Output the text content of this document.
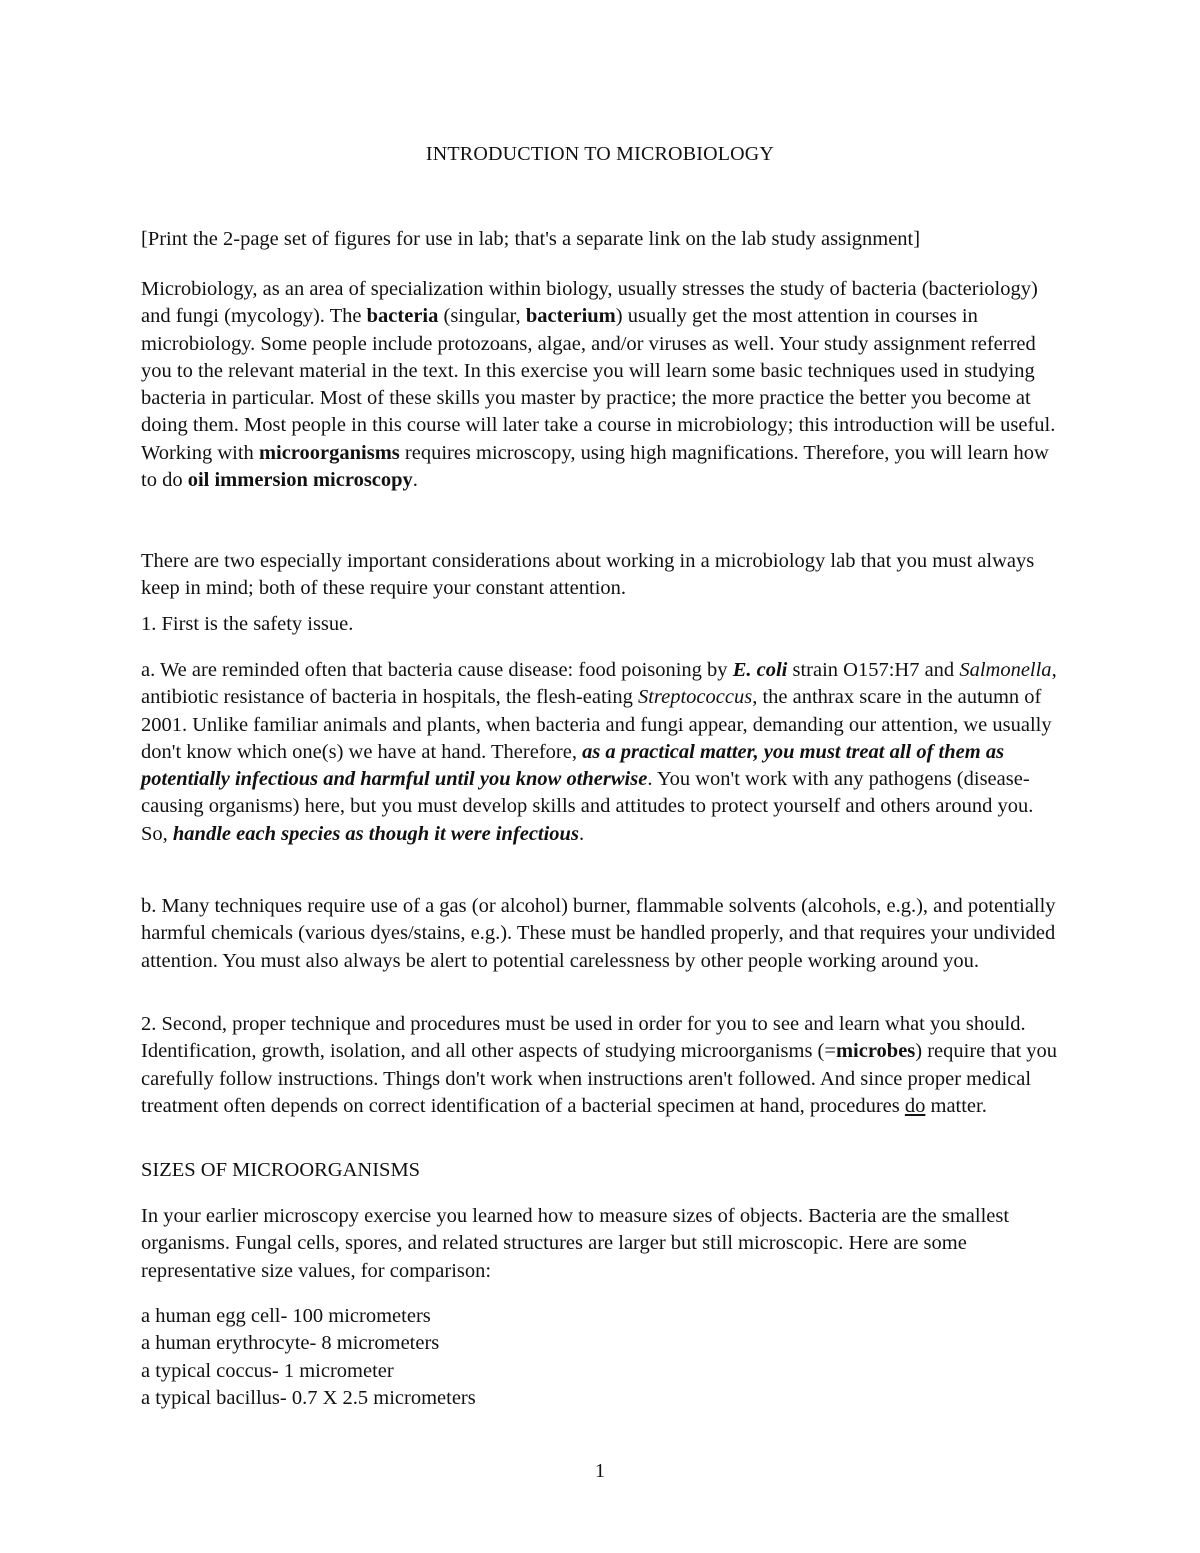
INTRODUCTION TO MICROBIOLOGY

[Print the 2-page set of figures for use in lab; that's a separate link on the lab study assignment]

Microbiology, as an area of specialization within biology, usually stresses the study of bacteria (bacteriology) and fungi (mycology). The bacteria (singular, bacterium) usually get the most attention in courses in microbiology. Some people include protozoans, algae, and/or viruses as well. Your study assignment referred you to the relevant material in the text. In this exercise you will learn some basic techniques used in studying bacteria in particular. Most of these skills you master by practice; the more practice the better you become at doing them. Most people in this course will later take a course in microbiology; this introduction will be useful. Working with microorganisms requires microscopy, using high magnifications. Therefore, you will learn how to do oil immersion microscopy.

There are two especially important considerations about working in a microbiology lab that you must always keep in mind; both of these require your constant attention.

1. First is the safety issue.

a. We are reminded often that bacteria cause disease: food poisoning by E. coli strain O157:H7 and Salmonella, antibiotic resistance of bacteria in hospitals, the flesh-eating Streptococcus, the anthrax scare in the autumn of 2001. Unlike familiar animals and plants, when bacteria and fungi appear, demanding our attention, we usually don't know which one(s) we have at hand. Therefore, as a practical matter, you must treat all of them as potentially infectious and harmful until you know otherwise. You won't work with any pathogens (disease-causing organisms) here, but you must develop skills and attitudes to protect yourself and others around you. So, handle each species as though it were infectious.

b. Many techniques require use of a gas (or alcohol) burner, flammable solvents (alcohols, e.g.), and potentially harmful chemicals (various dyes/stains, e.g.). These must be handled properly, and that requires your undivided attention. You must also always be alert to potential carelessness by other people working around you.

2. Second, proper technique and procedures must be used in order for you to see and learn what you should. Identification, growth, isolation, and all other aspects of studying microorganisms (=microbes) require that you carefully follow instructions. Things don't work when instructions aren't followed. And since proper medical treatment often depends on correct identification of a bacterial specimen at hand, procedures do matter.

SIZES OF MICROORGANISMS

In your earlier microscopy exercise you learned how to measure sizes of objects. Bacteria are the smallest organisms. Fungal cells, spores, and related structures are larger but still microscopic. Here are some representative size values, for comparison:

a human egg cell- 100 micrometers
a human erythrocyte- 8 micrometers
a typical coccus- 1 micrometer
a typical bacillus- 0.7 X 2.5 micrometers
1
